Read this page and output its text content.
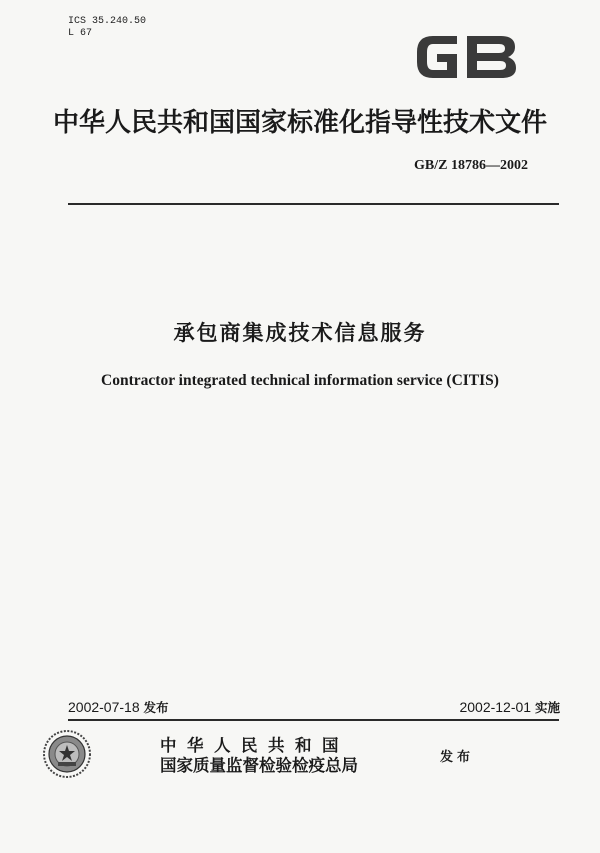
ICS 35.240.50
L 67
中华人民共和国国家标准化指导性技术文件
GB/Z 18786—2002
承包商集成技术信息服务
Contractor integrated technical information service (CITIS)
2002-07-18 发布	2002-12-01 实施
中华人民共和国
国家质量监督检验检疫总局	发布
